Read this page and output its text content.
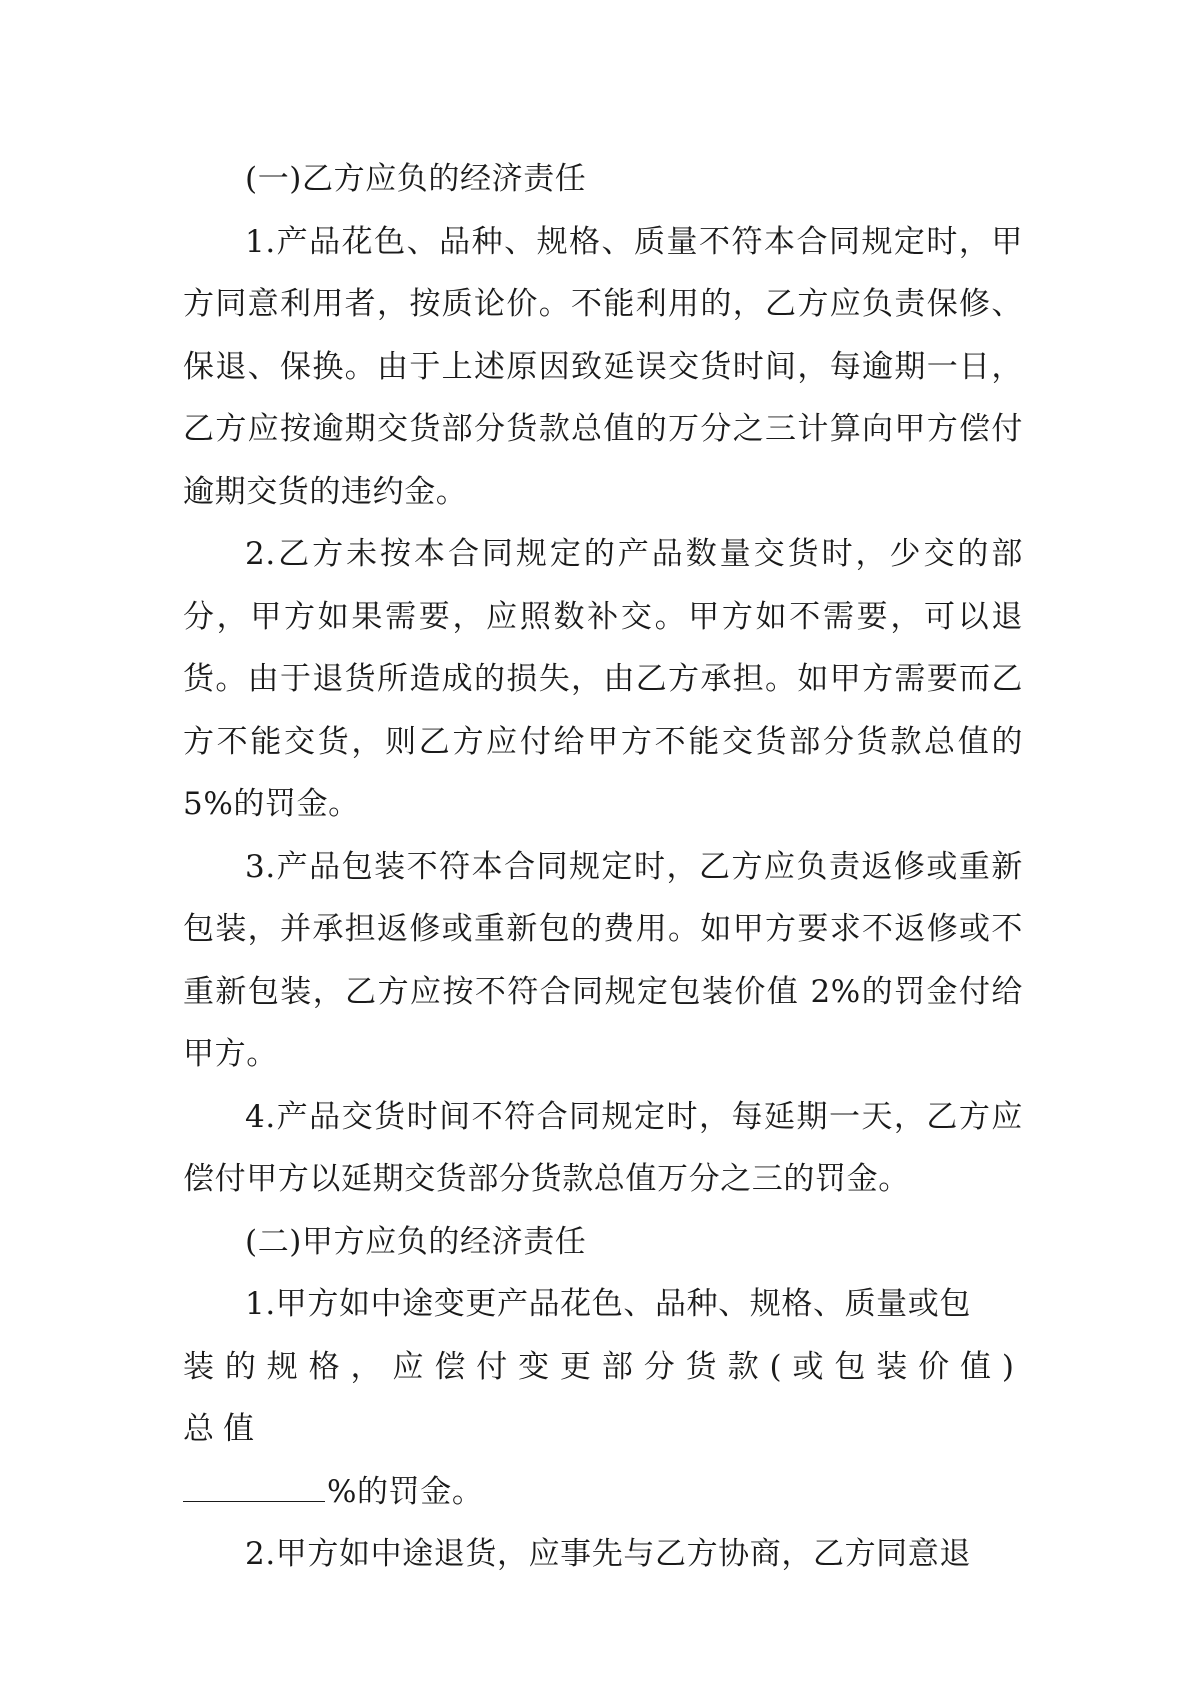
(一)乙方应负的经济责任

1.产品花色、品种、规格、质量不符本合同规定时，甲方同意利用者，按质论价。不能利用的，乙方应负责保修、保退、保换。由于上述原因致延误交货时间，每逾期一日，乙方应按逾期交货部分货款总值的万分之三计算向甲方偿付逾期交货的违约金。

2.乙方未按本合同规定的产品数量交货时，少交的部分，甲方如果需要，应照数补交。甲方如不需要，可以退货。由于退货所造成的损失，由乙方承担。如甲方需要而乙方不能交货，则乙方应付给甲方不能交货部分货款总值的 5%的罚金。

3.产品包装不符本合同规定时，乙方应负责返修或重新包装，并承担返修或重新包的费用。如甲方要求不返修或不重新包装，乙方应按不符合同规定包装价值 2%的罚金付给甲方。

4.产品交货时间不符合同规定时，每延期一天，乙方应偿付甲方以延期交货部分货款总值万分之三的罚金。

(二)甲方应负的经济责任

1.甲方如中途变更产品花色、品种、规格、质量或包

装的规格，应偿付变更部分货款(或包装价值)总值

%的罚金。

2.甲方如中途退货，应事先与乙方协商，乙方同意退
